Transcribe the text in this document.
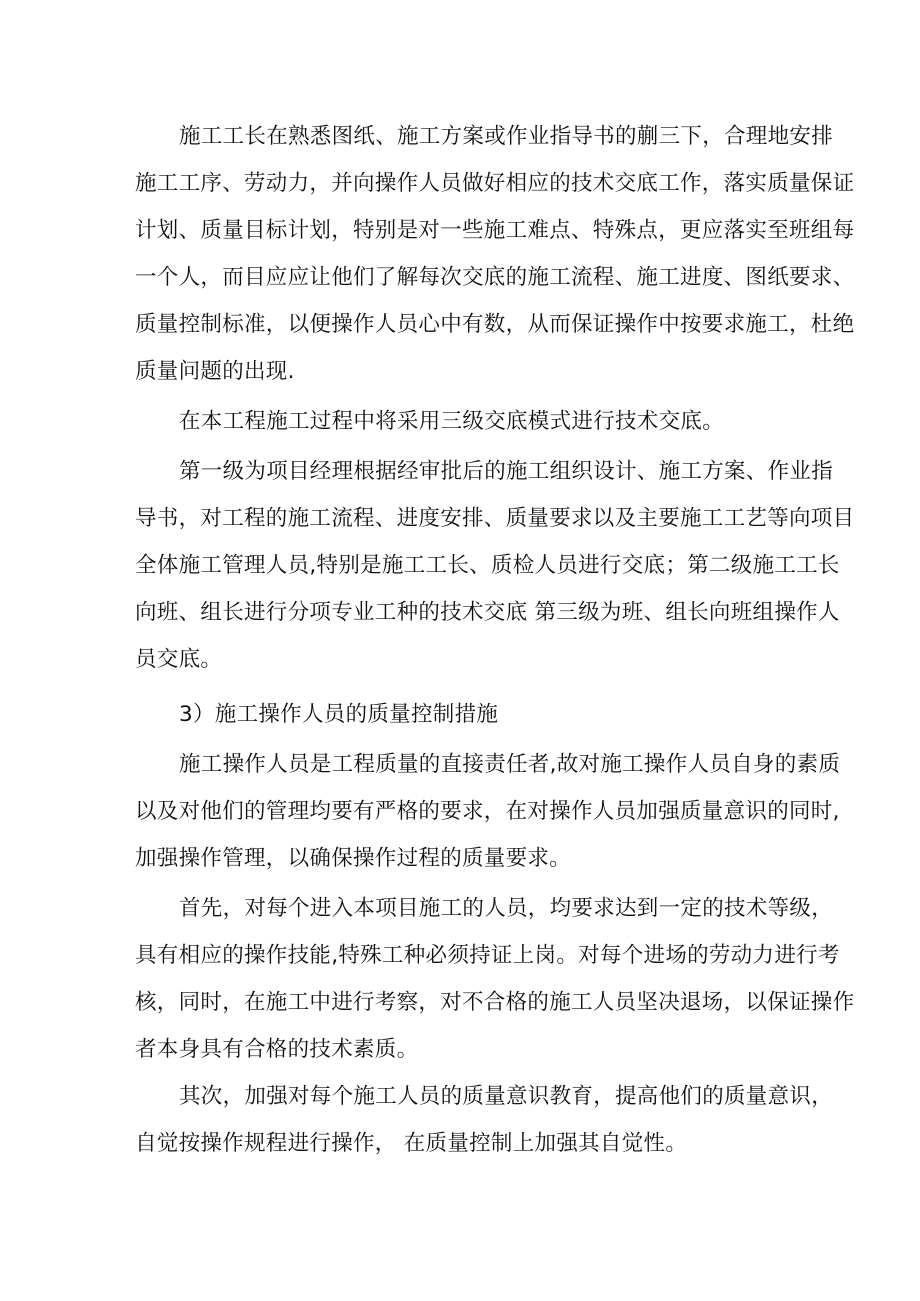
施工工长在熟悉图纸、施工方案或作业指导书的蒯三下，合理地安排
施工工序、劳动力，并向操作人员做好相应的技术交底工作，落实质量保证
计划、质量目标计划，特别是对一些施工难点、特殊点，更应落实至班组每
一个人，而目应应让他们了解每次交底的施工流程、施工进度、图纸要求、
质量控制标准，以便操作人员心中有数，从而保证操作中按要求施工，杜绝
质量问题的出现.
在本工程施工过程中将采用三级交底模式进行技术交底。
第一级为项目经理根据经审批后的施工组织设计、施工方案、作业指
导书，对工程的施工流程、进度安排、质量要求以及主要施工工艺等向项目
全体施工管理人员,特别是施工工长、质检人员进行交底；第二级施工工长
向班、组长进行分项专业工种的技术交底 第三级为班、组长向班组操作人
员交底。
3）施工操作人员的质量控制措施
施工操作人员是工程质量的直接责任者,故对施工操作人员自身的素质
以及对他们的管理均要有严格的要求，在对操作人员加强质量意识的同时,
加强操作管理，以确保操作过程的质量要求。
首先，对每个进入本项目施工的人员，均要求达到一定的技术等级，
具有相应的操作技能,特殊工种必须持证上岗。对每个进场的劳动力进行考
核，同时，在施工中进行考察，对不合格的施工人员坚决退场，以保证操作
者本身具有合格的技术素质。
其次，加强对每个施工人员的质量意识教育，提高他们的质量意识，
自觉按操作规程进行操作， 在质量控制上加强其自觉性。
